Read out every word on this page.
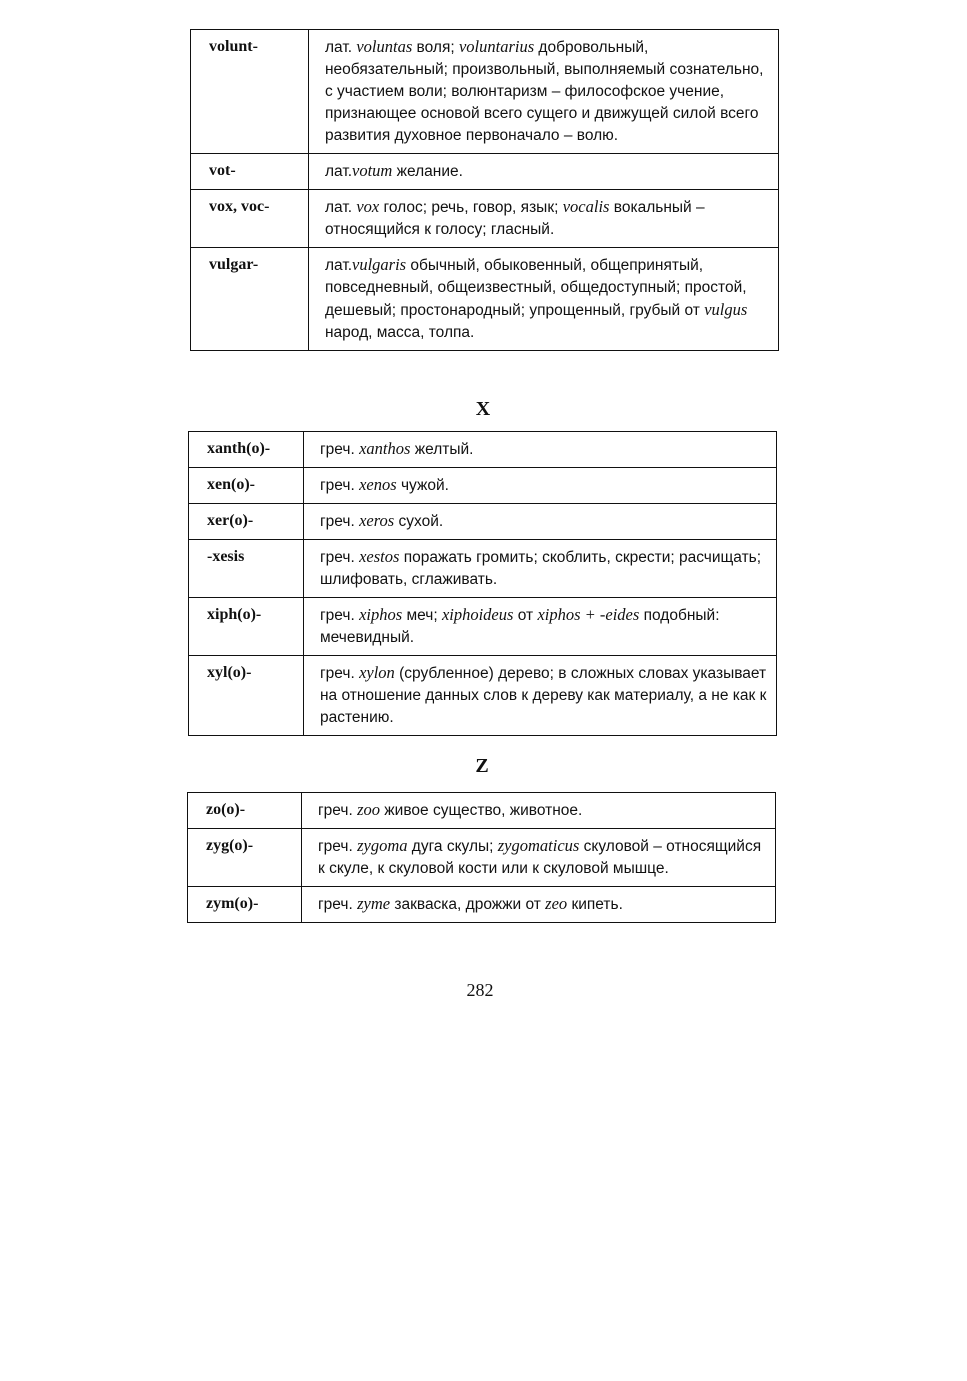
volunt-	лат. voluntas воля; voluntarius добровольный, необязательный; произвольный, выполняемый сознательно, с участием воли; волюнтаризм – философское учение, признающее основой всего сущего и движущей силой всего развития духовное первоначало – волю.
vot-	лат.votum желание.
vox, voc-	лат. vox голос; речь, говор, язык; vocalis вокальный – относящийся к голосу; гласный.
vulgar-	лат.vulgaris обычный, обыковенный, общепринятый, повседневный, общеизвестный, общедоступный; простой, дешевый; простонародный; упрощенный, грубый от vulgus народ, масса, толпа.
X
xanth(o)-	греч. xanthos желтый.
xen(o)-	греч. xenos чужой.
xer(o)-	греч. xeros сухой.
-xesis	греч. xestos поражать громить; скоблить, скрести; расчищать; шлифовать, сглаживать.
xiph(o)-	греч. xiphos меч; xiphoideus от xiphos + -eides подобный: мечевидный.
xyl(o)-	греч. xylon (срубленное) дерево; в сложных словах указывает на отношение данных слов к дереву как материалу, а не как к растению.
Z
zo(o)-	греч. zoo живое существо, животное.
zyg(o)-	греч. zygoma дуга скулы; zygomaticus скуловой – относящийся к скуле, к скуловой кости или к скуловой мышце.
zym(o)-	греч. zyme закваска, дрожжи от zeo кипеть.
282
